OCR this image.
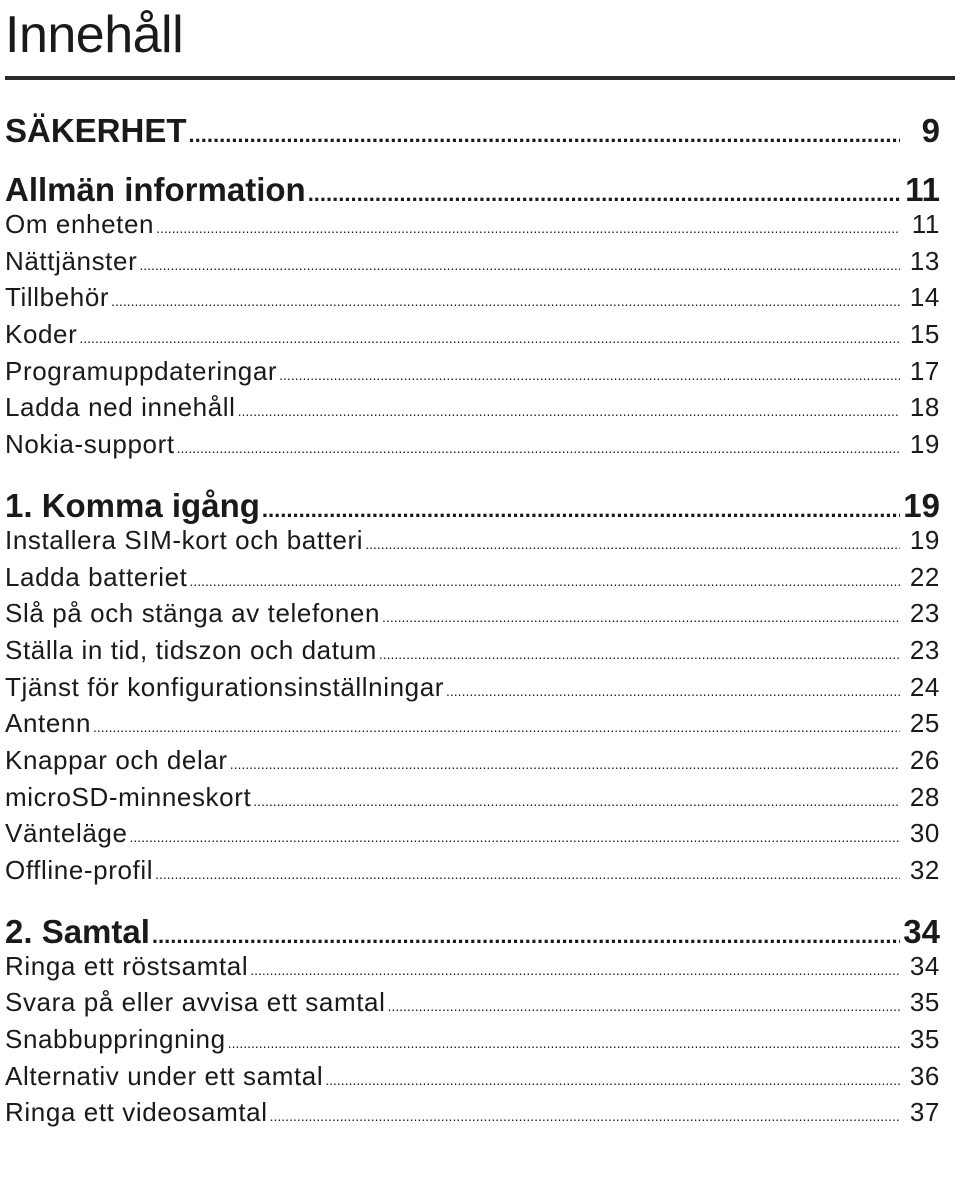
Innehåll
SÄKERHET .....	9
Allmän information .....	11
Om enheten .....	11
Nättjänster .....	13
Tillbehör .....	14
Koder .....	15
Programuppdateringar .....	17
Ladda ned innehåll .....	18
Nokia-support .....	19
1. Komma igång .....	19
Installera SIM-kort och batteri .....	19
Ladda batteriet .....	22
Slå på och stänga av telefonen .....	23
Ställa in tid, tidszon och datum .....	23
Tjänst för konfigurationsinställningar .....	24
Antenn .....	25
Knappar och delar .....	26
microSD-minneskort .....	28
Vänteläge .....	30
Offline-profil .....	32
2. Samtal .....	34
Ringa ett röstsamtal .....	34
Svara på eller avvisa ett samtal .....	35
Snabbuppringning .....	35
Alternativ under ett samtal .....	36
Ringa ett videosamtal .....	37
